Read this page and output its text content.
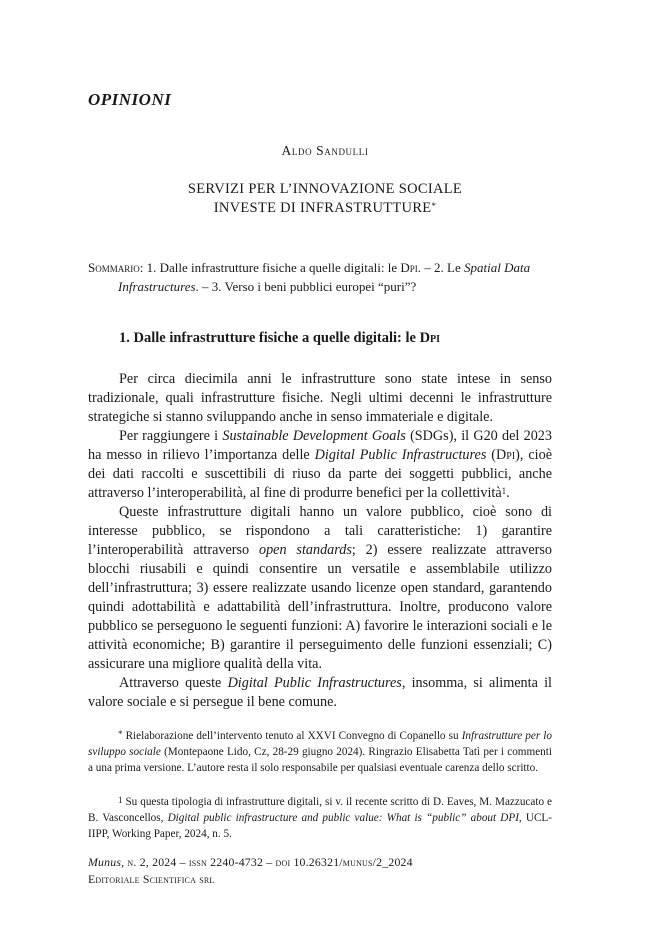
OPINIONI
Aldo Sandulli
SERVIZI PER L’INNOVAZIONE SOCIALE
INVESTE DI INFRASTRUTTURE*
Sommario: 1. Dalle infrastrutture fisiche a quelle digitali: le Dpi. – 2. Le Spatial Data Infrastructures. – 3. Verso i beni pubblici europei “puri”?
1. Dalle infrastrutture fisiche a quelle digitali: le Dpi

Per circa diecimila anni le infrastrutture sono state intese in senso tradizionale, quali infrastrutture fisiche. Negli ultimi decenni le infrastrutture strategiche si stanno sviluppando anche in senso immateriale e digitale.

Per raggiungere i Sustainable Development Goals (SDGs), il G20 del 2023 ha messo in rilievo l’importanza delle Digital Public Infrastructures (Dpi), cioè dei dati raccolti e suscettibili di riuso da parte dei soggetti pubblici, anche attraverso l’interoperabilità, al fine di produrre benefici per la collettività$^1$.

Queste infrastrutture digitali hanno un valore pubblico, cioè sono di interesse pubblico, se rispondono a tali caratteristiche: 1) garantire l’interoperabilità attraverso open standards; 2) essere realizzate attraverso blocchi riusabili e quindi consentire un versatile e assemblabile utilizzo dell’infrastruttura; 3) essere realizzate usando licenze open standard, garantendo quindi adottabilità e adattabilità dell’infrastruttura. Inoltre, producono valore pubblico se perseguono le seguenti funzioni: A) favorire le interazioni sociali e le attività economiche; B) garantire il perseguimento delle funzioni essenziali; C) assicurare una migliore qualità della vita.

Attraverso queste Digital Public Infrastructures, insomma, si alimenta il valore sociale e si persegue il bene comune.

* Rielaborazione dell’intervento tenuto al XXVI Convegno di Copanello su Infrastrutture per lo sviluppo sociale (Montepaone Lido, Cz, 28-29 giugno 2024). Ringrazio Elisabetta Tatì per i commenti a una prima versione. L’autore resta il solo responsabile per qualsiasi eventuale carenza dello scritto.

$^1$ Su questa tipologia di infrastrutture digitali, si v. il recente scritto di D. Eaves, M. Mazzucato e B. Vasconcellos, Digital public infrastructure and public value: What is “public” about DPI, UCL-IIPP, Working Paper, 2024, n. 5.

Munus, n. 2, 2024 – issn 2240-4732 – doi 10.26321/munus/2_2024
Editoriale Scientifica srl
